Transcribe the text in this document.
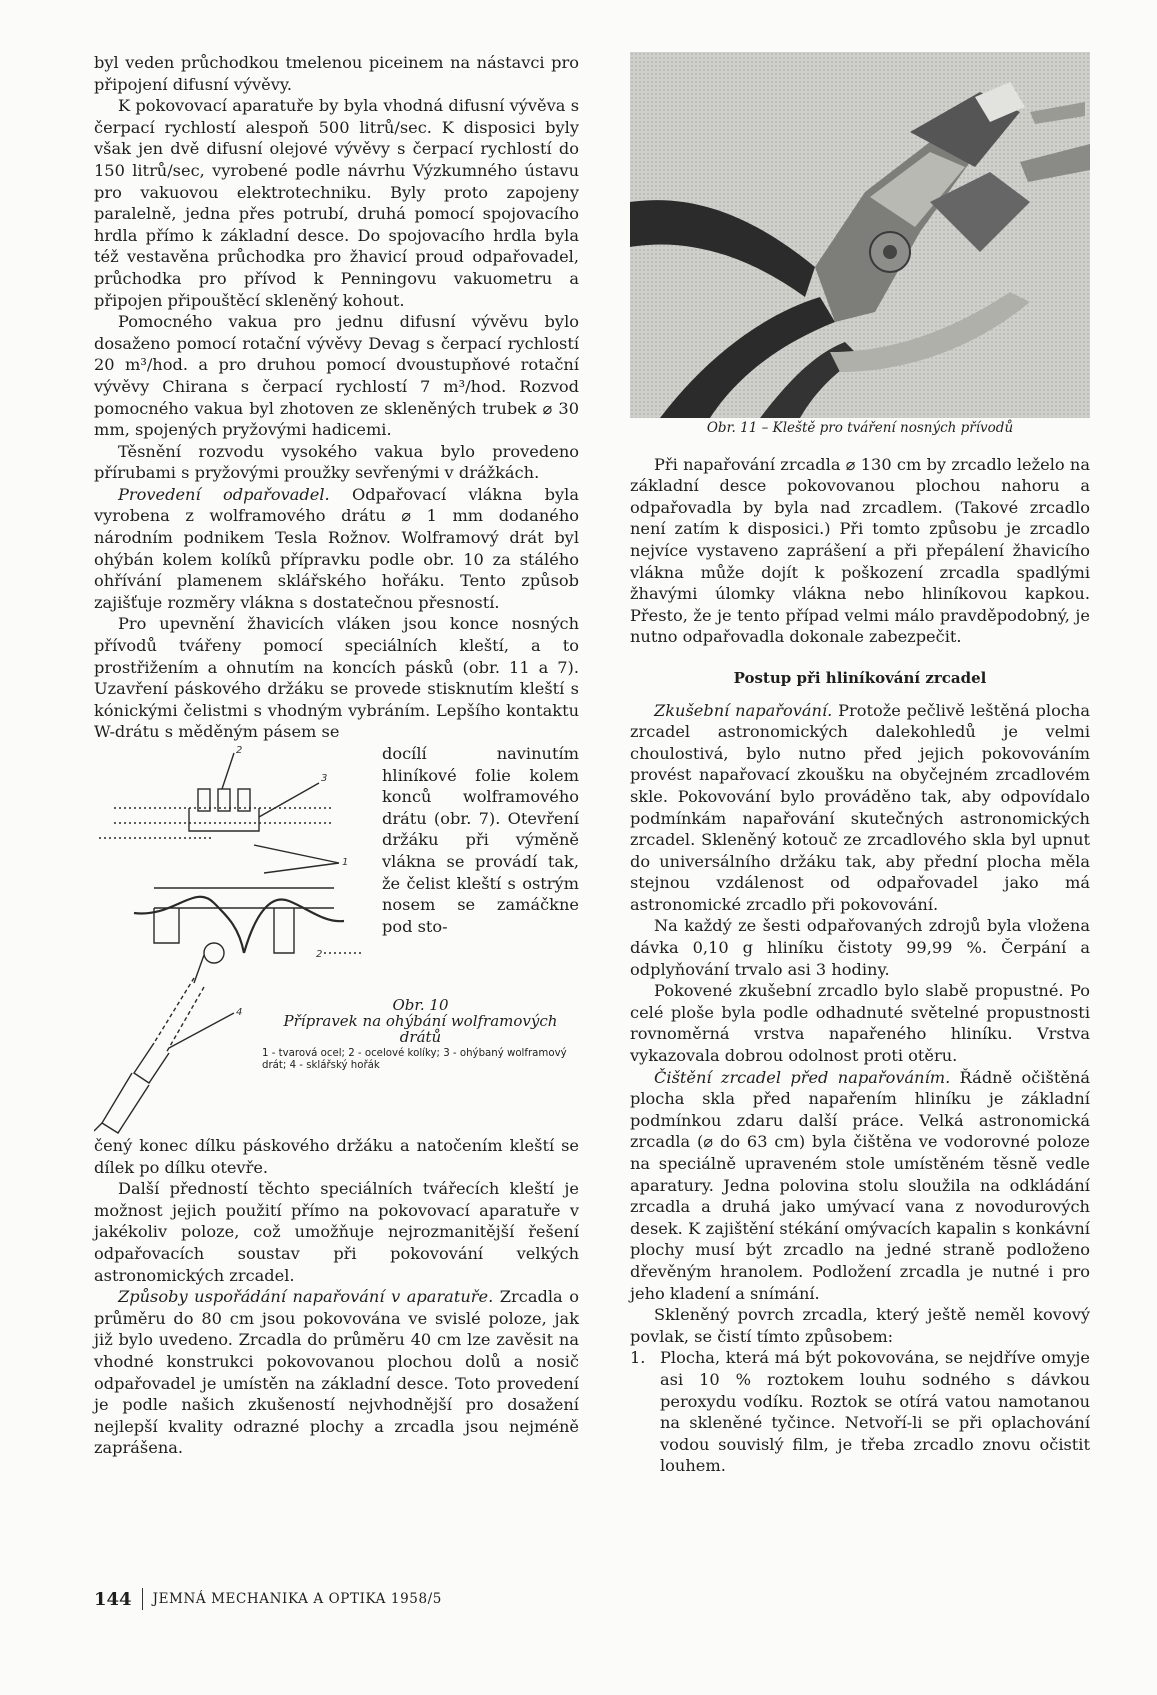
byl veden průchodkou tmelenou piceinem na nástavci pro připojení difusní vývěvy.

K pokovovací aparatuře by byla vhodná difusní vývěva s čerpací rychlostí alespoň 500 litrů/sec. K disposici byly však jen dvě difusní olejové vývěvy s čerpací rychlostí do 150 litrů/sec, vyrobené podle návrhu Výzkumného ústavu pro vakuovou elektrotechniku. Byly proto zapojeny paralelně, jedna přes potrubí, druhá pomocí spojovacího hrdla přímo k základní desce. Do spojovacího hrdla byla též vestavěna průchodka pro žhavicí proud odpařovadel, průchodka pro přívod k Penningovu vakuometru a připojen připouštěcí skleněný kohout.

Pomocného vakua pro jednu difusní vývěvu bylo dosaženo pomocí rotační vývěvy Devag s čerpací rychlostí 20 m³/hod. a pro druhou pomocí dvoustupňové rotační vývěvy Chirana s čerpací rychlostí 7 m³/hod. Rozvod pomocného vakua byl zhotoven ze skleněných trubek ⌀ 30 mm, spojených pryžovými hadicemi.

Těsnění rozvodu vysokého vakua bylo provedeno přírubami s pryžovými proužky sevřenými v drážkách.

Provedení odpařovadel. Odpařovací vlákna byla vyrobena z wolframového drátu ⌀ 1 mm dodaného národním podnikem Tesla Rožnov. Wolframový drát byl ohýbán kolem kolíků přípravku podle obr. 10 za stálého ohřívání plamenem sklářského hořáku. Tento způsob zajišťuje rozměry vlákna s dostatečnou přesností.

Pro upevnění žhavicích vláken jsou konce nosných přívodů tvářeny pomocí speciálních kleští, a to prostřižením a ohnutím na koncích pásků (obr. 11 a 7). Uzavření páskového držáku se provede stisknutím kleští s kónickými čelistmi s vhodným vybráním. Lepšího kontaktu W-drátu s měděným pásem se

2
3
1
2
4

docílí navinutím hliníkové folie kolem konců wolframového drátu (obr. 7). Otevření držáku při výměně vlákna se provádí tak, že čelist kleští s ostrým nosem se zamáčkne pod sto-

Obr. 10
Přípravek na ohýbání wolframových drátů
1 - tvarová ocel; 2 - ocelové kolíky; 3 - ohýbaný wolframový drát; 4 - sklářský hořák

čený konec dílku páskového držáku a natočením kleští se dílek po dílku otevře.

Další předností těchto speciálních tvářecích kleští je možnost jejich použití přímo na pokovovací aparatuře v jakékoliv poloze, což umožňuje nejrozmanitější řešení odpařovacích soustav při pokovování velkých astronomických zrcadel.

Způsoby uspořádání napařování v aparatuře. Zrcadla o průměru do 80 cm jsou pokovována ve svislé poloze, jak již bylo uvedeno. Zrcadla do průměru 40 cm lze zavěsit na vhodné konstrukci pokovovanou plochou dolů a nosič odpařovadel je umístěn na základní desce. Toto provedení je podle našich zkušeností nejvhodnější pro dosažení nejlepší kvality odrazné plochy a zrcadla jsou nejméně zaprášena.

Obr. 11 – Kleště pro tváření nosných přívodů

Při napařování zrcadla ⌀ 130 cm by zrcadlo leželo na základní desce pokovovanou plochou nahoru a odpařovadla by byla nad zrcadlem. (Takové zrcadlo není zatím k disposici.) Při tomto způsobu je zrcadlo nejvíce vystaveno zaprášení a při přepálení žhavicího vlákna může dojít k poškození zrcadla spadlými žhavými úlomky vlákna nebo hliníkovou kapkou. Přesto, že je tento případ velmi málo pravděpodobný, je nutno odpařovadla dokonale zabezpečit.

Postup při hliníkování zrcadel

Zkušební napařování. Protože pečlivě leštěná plocha zrcadel astronomických dalekohledů je velmi choulostivá, bylo nutno před jejich pokovováním provést napařovací zkoušku na obyčejném zrcadlovém skle. Pokovování bylo prováděno tak, aby odpovídalo podmínkám napařování skutečných astronomických zrcadel. Skleněný kotouč ze zrcadlového skla byl upnut do universálního držáku tak, aby přední plocha měla stejnou vzdálenost od odpařovadel jako má astronomické zrcadlo při pokovování.

Na každý ze šesti odpařovaných zdrojů byla vložena dávka 0,10 g hliníku čistoty 99,99 %. Čerpání a odplyňování trvalo asi 3 hodiny.

Pokovené zkušební zrcadlo bylo slabě propustné. Po celé ploše byla podle odhadnuté světelné propustnosti rovnoměrná vrstva napařeného hliníku. Vrstva vykazovala dobrou odolnost proti otěru.

Čištění zrcadel před napařováním. Řádně očištěná plocha skla před napařením hliníku je základní podmínkou zdaru další práce. Velká astronomická zrcadla (⌀ do 63 cm) byla čištěna ve vodorovné poloze na speciálně upraveném stole umístěném těsně vedle aparatury. Jedna polovina stolu sloužila na odkládání zrcadla a druhá jako umývací vana z novodurových desek. K zajištění stékání omývacích kapalin s konkávní plochy musí být zrcadlo na jedné straně podloženo dřevěným hranolem. Podložení zrcadla je nutné i pro jeho kladení a snímání.

Skleněný povrch zrcadla, který ještě neměl kovový povlak, se čistí tímto způsobem:

1. Plocha, která má být pokovována, se nejdříve omyje asi 10 % roztokem louhu sodného s dávkou peroxydu vodíku. Roztok se otírá vatou namotanou na skleněné tyčince. Netvoří-li se při oplachování vodou souvislý film, je třeba zrcadlo znovu očistit louhem.
144 JEMNÁ MECHANIKA A OPTIKA 1958/5
